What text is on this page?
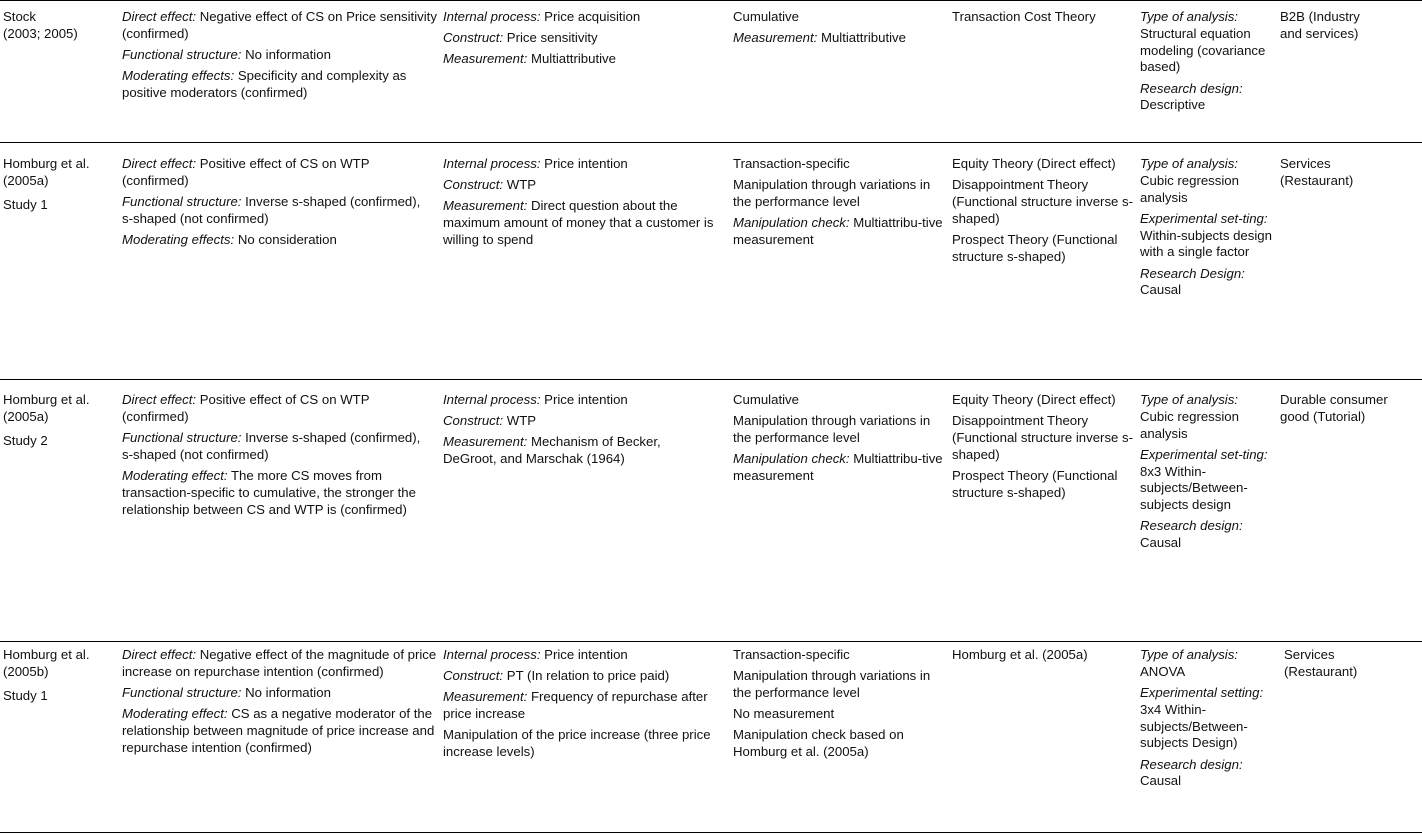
Stock
(2003; 2005)
Direct effect: Negative effect of CS on Price sensitivity (confirmed)
Functional structure: No information
Moderating effects: Specificity and complexity as positive moderators (confirmed)
Internal process: Price acquisition
Construct: Price sensitivity
Measurement: Multiattributive
Cumulative
Measurement: Multiattributive
Transaction Cost Theory	Type of analysis:
Structural equation modeling (covariance based)
Research design:
Descriptive
B2B (Industry and services)
Homburg et al.
(2005a)
Study 1
Direct effect: Positive effect of CS on WTP (confirmed)
Functional structure: Inverse s-shaped (confirmed), s-shaped (not confirmed)
Moderating effects: No consideration
Internal process: Price intention
Construct: WTP
Measurement: Direct question about the maximum amount of money that a customer is willing to spend
Transaction-specific
Manipulation through variations in the performance level
Manipulation check: Multiattribu-tive measurement
Equity Theory (Direct effect)
Disappointment Theory (Functional structure inverse s-shaped)
Prospect Theory (Functional structure s-shaped)
Type of analysis:
Cubic regression analysis
Experimental set-ting: Within-subjects design with a single factor
Research Design:
Causal
Services (Restaurant)
Homburg et al.
(2005a)
Study 2
Direct effect: Positive effect of CS on WTP (confirmed)
Functional structure: Inverse s-shaped (confirmed), s-shaped (not confirmed)
Moderating effect: The more CS moves from transaction-specific to cumulative, the stronger the relationship between CS and WTP is (confirmed)
Internal process: Price intention
Construct: WTP
Measurement: Mechanism of Becker, DeGroot, and Marschak (1964)
Cumulative
Manipulation through variations in the performance level
Manipulation check: Multiattribu-tive measurement
Equity Theory (Direct effect)
Disappointment Theory (Functional structure inverse s-shaped)
Prospect Theory (Functional structure s-shaped)
Type of analysis:
Cubic regression analysis
Experimental set-ting: 8x3 Within-subjects/Between-subjects design
Research design:
Causal
Durable consumer good (Tutorial)
Homburg et al.
(2005b)
Study 1
Direct effect: Negative effect of the magnitude of price increase on repurchase intention (confirmed)
Functional structure: No information
Moderating effect: CS as a negative moderator of the relationship between magnitude of price increase and repurchase intention (confirmed)
Internal process: Price intention
Construct: PT (In relation to price paid)
Measurement: Frequency of repurchase after price increase
Manipulation of the price increase (three price increase levels)
Transaction-specific
Manipulation through variations in the performance level
No measurement
Manipulation check based on Homburg et al. (2005a)
Homburg et al. (2005a)	Type of analysis:
ANOVA
Experimental setting:
3x4 Within-subjects/Between-subjects Design)
Research design:
Causal
Services (Restaurant)
